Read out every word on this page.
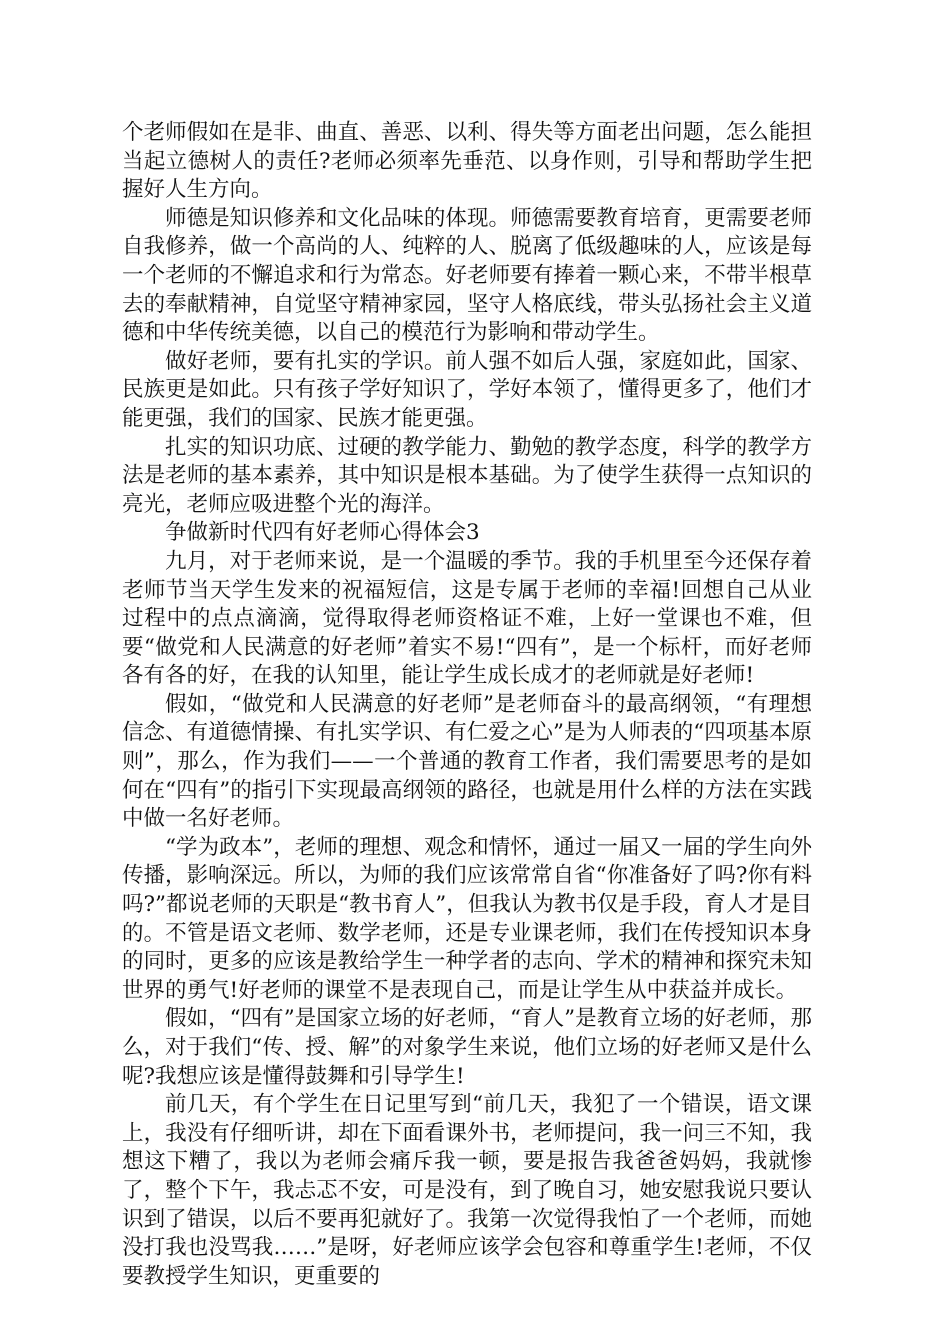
个老师假如在是非、曲直、善恶、以利、得失等方面老出问题，怎么能担当起立德树人的责任?老师必须率先垂范、以身作则，引导和帮助学生把握好人生方向。

师德是知识修养和文化品味的体现。师德需要教育培育，更需要老师自我修养，做一个高尚的人、纯粹的人、脱离了低级趣味的人，应该是每一个老师的不懈追求和行为常态。好老师要有捧着一颗心来，不带半根草去的奉献精神，自觉坚守精神家园，坚守人格底线，带头弘扬社会主义道德和中华传统美德，以自己的模范行为影响和带动学生。

做好老师，要有扎实的学识。前人强不如后人强，家庭如此，国家、民族更是如此。只有孩子学好知识了，学好本领了，懂得更多了，他们才能更强，我们的国家、民族才能更强。

扎实的知识功底、过硬的教学能力、勤勉的教学态度，科学的教学方法是老师的基本素养，其中知识是根本基础。为了使学生获得一点知识的亮光，老师应吸进整个光的海洋。

争做新时代四有好老师心得体会3

九月，对于老师来说，是一个温暖的季节。我的手机里至今还保存着老师节当天学生发来的祝福短信，这是专属于老师的幸福!回想自己从业过程中的点点滴滴，觉得取得老师资格证不难，上好一堂课也不难，但要“做党和人民满意的好老师”着实不易!“四有”，是一个标杆，而好老师各有各的好，在我的认知里，能让学生成长成才的老师就是好老师!

假如，“做党和人民满意的好老师”是老师奋斗的最高纲领，“有理想信念、有道德情操、有扎实学识、有仁爱之心”是为人师表的“四项基本原则”，那么，作为我们——一个普通的教育工作者，我们需要思考的是如何在“四有”的指引下实现最高纲领的路径，也就是用什么样的方法在实践中做一名好老师。

“学为政本”，老师的理想、观念和情怀，通过一届又一届的学生向外传播，影响深远。所以，为师的我们应该常常自省“你准备好了吗?你有料吗?”都说老师的天职是“教书育人”，但我认为教书仅是手段，育人才是目的。不管是语文老师、数学老师，还是专业课老师，我们在传授知识本身的同时，更多的应该是教给学生一种学者的志向、学术的精神和探究未知世界的勇气!好老师的课堂不是表现自己，而是让学生从中获益并成长。

假如，“四有”是国家立场的好老师，“育人”是教育立场的好老师，那么，对于我们“传、授、解”的对象学生来说，他们立场的好老师又是什么呢?我想应该是懂得鼓舞和引导学生!

前几天，有个学生在日记里写到“前几天，我犯了一个错误，语文课上，我没有仔细听讲，却在下面看课外书，老师提问，我一问三不知，我想这下糟了，我以为老师会痛斥我一顿，要是报告我爸爸妈妈，我就惨了，整个下午，我忐忑不安，可是没有，到了晚自习，她安慰我说只要认识到了错误，以后不要再犯就好了。我第一次觉得我怕了一个老师，而她没打我也没骂我……”是呀，好老师应该学会包容和尊重学生!老师，不仅要教授学生知识，更重要的
